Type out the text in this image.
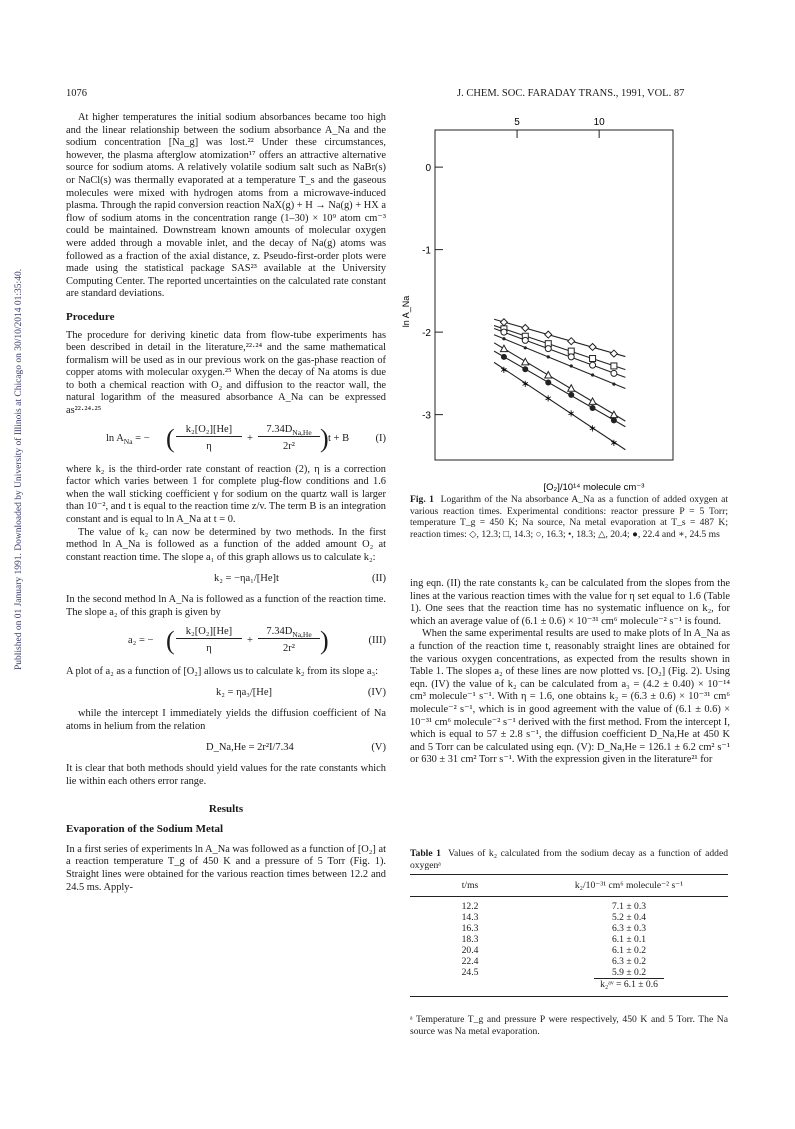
1076	J. CHEM. SOC. FARADAY TRANS., 1991, VOL. 87
Published on 01 January 1991. Downloaded by University of Illinois at Chicago on 30/10/2014 01:35:40.

At higher temperatures the initial sodium absorbances became too high and the linear relationship between the sodium absorbance A_Na and the sodium concentration [Na_g] was lost.²² Under these circumstances, however, the plasma afterglow atomization¹⁷ offers an attractive alternative source for sodium atoms. A relatively volatile sodium salt such as NaBr(s) or NaCl(s) was thermally evaporated at a temperature T_s and the gaseous molecules were mixed with hydrogen atoms from a microwave-induced plasma. Through the rapid conversion reaction NaX(g) + H → Na(g) + HX a flow of sodium atoms in the concentration range (1–30) × 10⁹ atom cm⁻³ could be maintained. Downstream known amounts of molecular oxygen were added through a movable inlet, and the decay of Na(g) atoms was followed as a fraction of the axial distance, z. Pseudo-first-order plots were made using the statistical package SAS²³ available at the University Computing Center. The reported uncertainties on the calculated rate constant are standard deviations.

Procedure

The procedure for deriving kinetic data from flow-tube experiments has been described in detail in the literature,²²·²⁴ and the same mathematical formalism will be used as in our previous work on the gas-phase reaction of copper atoms with molecular oxygen.²⁵ When the decay of Na atoms is due to both a chemical reaction with O₂ and diffusion to the reactor wall, the natural logarithm of the measured absorbance A_Na can be expressed as²²·²⁴·²⁵

$\ln A_{Na}$ = − (	k₂[O₂][He]
η
+
$7.34D_{Na,He}$
2r² ) t + B	(I)

where k₂ is the third-order rate constant of reaction (2), η is a correction factor which varies between 1 for complete plug-flow conditions and 1.6 when the wall sticking coefficient γ for sodium on the quartz wall is larger than 10⁻², and t is equal to the reaction time z/v. The term B is an integration constant and is equal to ln A_Na at t = 0.

The value of k₂ can now be determined by two methods. In the first method ln A_Na is followed as a function of the added amount O₂ at constant reaction time. The slope a₁ of this graph allows us to calculate k₂:

k₂ = −ηa₁/[He]t	(II)

In the second method ln A_Na is followed as a function of the reaction time. The slope a₂ of this graph is given by

a₂ = − (	k₂[O₂][He]
η
+
$7.34D_{Na,He}$
2r² )	(III)

A plot of a₂ as a function of [O₂] allows us to calculate k₂ from its slope a₃:

k₂ = ηa₃/[He]	(IV)

while the intercept I immediately yields the diffusion coefficient of Na atoms in helium from the relation

D_Na,He = 2r²I/7.34	(V)

It is clear that both methods should yield values for the rate constants which lie within each others error range.

Results
Evaporation of the Sodium Metal

In a first series of experiments ln A_Na was followed as a function of [O₂] at a reaction temperature T_g of 450 K and a pressure of 5 Torr (Fig. 1). Straight lines were obtained for the various reaction times between 12.2 and 24.5 ms. Apply-

5	10
0
-1
-2
-3
ln A_Na
[O₂]/10¹⁴ molecule cm⁻³
∗
∗
∗
∗
∗
∗
Fig. 1 Logarithm of the Na absorbance A_Na as a function of added oxygen at various reaction times. Experimental conditions: reactor pressure P = 5 Torr; temperature T_g = 450 K; Na source, Na metal evaporation at T_s = 487 K; reaction times: ◇, 12.3; □, 14.3; ○, 16.3; •, 18.3; △, 20.4; ●, 22.4 and ∗, 24.5 ms

ing eqn. (II) the rate constants k₂ can be calculated from the slopes from the lines at the various reaction times with the value for η set equal to 1.6 (Table 1). One sees that the reaction time has no systematic influence on k₂, for which an average value of (6.1 ± 0.6) × 10⁻³¹ cm⁶ molecule⁻² s⁻¹ is found.

When the same experimental results are used to make plots of ln A_Na as a function of the reaction time t, reasonably straight lines are obtained for the various oxygen concentrations, as expected from the results shown in Table 1. The slopes a₂ of these lines are now plotted vs. [O₂] (Fig. 2). Using eqn. (IV) the value of k₂ can be calculated from a₃ = (4.2 ± 0.40) × 10⁻¹⁴ cm³ molecule⁻¹ s⁻¹. With η = 1.6, one obtains k₂ = (6.3 ± 0.6) × 10⁻³¹ cm⁶ molecule⁻² s⁻¹, which is in good agreement with the value of (6.1 ± 0.6) × 10⁻³¹ cm⁶ molecule⁻² s⁻¹ derived with the first method. From the intercept I, which is equal to 57 ± 2.8 s⁻¹, the diffusion coefficient D_Na,He at 450 K and 5 Torr can be calculated using eqn. (V): D_Na,He = 126.1 ± 6.2 cm² s⁻¹ or 630 ± 31 cm² Torr s⁻¹. With the expression given in the literature²¹ for

Table 1 Values of k₂ calculated from the sodium decay as a function of added oxygenᵃ
t/ms	k₂/10⁻³¹ cm⁶ molecule⁻² s⁻¹
12.2	7.1 ± 0.3
14.3	5.2 ± 0.4
16.3	6.3 ± 0.3
18.3	6.1 ± 0.1
20.4	6.1 ± 0.2
22.4	6.3 ± 0.2
24.5	5.9 ± 0.2
k₂ᵃᵛ = 6.1 ± 0.6
ᵃ Temperature T_g and pressure P were respectively, 450 K and 5 Torr. The Na source was Na metal evaporation.
